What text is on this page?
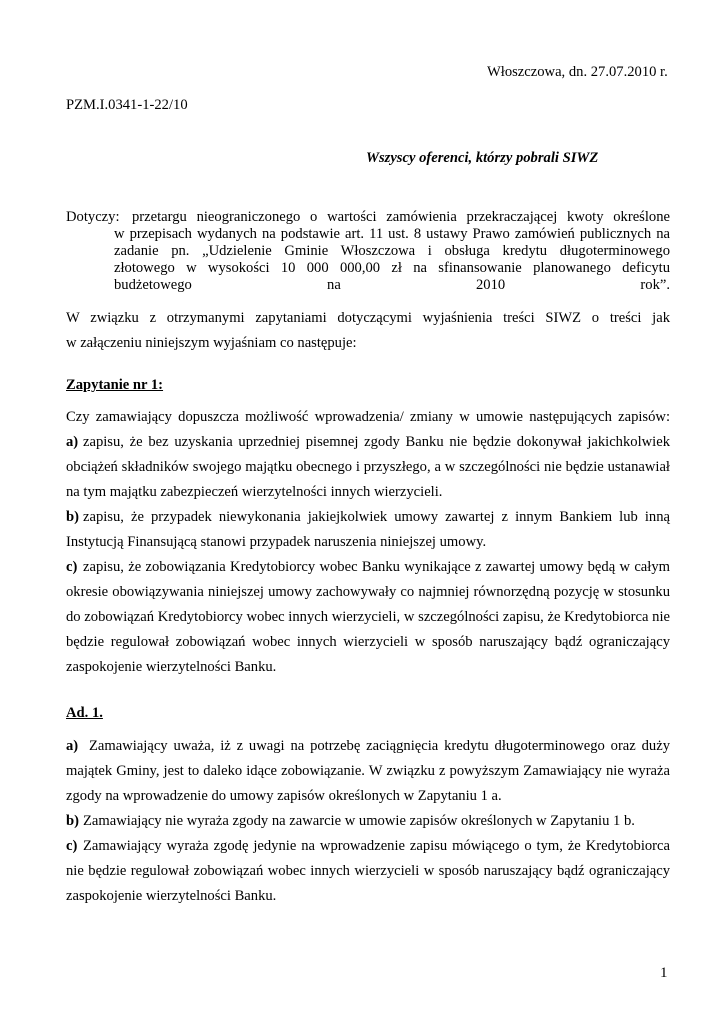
Włoszczowa, dn. 27.07.2010 r.
PZM.I.0341-1-22/10
Wszyscy oferenci, którzy pobrali SIWZ
Dotyczy: przetargu nieograniczonego o wartości zamówienia przekraczającej kwoty określone
w przepisach wydanych na podstawie art. 11 ust. 8 ustawy Prawo zamówień publicznych na
zadanie pn. „Udzielenie Gminie Włoszczowa i obsługa kredytu długoterminowego
złotowego w wysokości 10 000 000,00 zł na sfinansowanie planowanego deficytu
budżetowego na 2010 rok”.
W związku z otrzymanymi zapytaniami dotyczącymi wyjaśnienia treści SIWZ o treści jak
w załączeniu niniejszym wyjaśniam co następuje:
Zapytanie nr 1:
Czy zamawiający dopuszcza możliwość wprowadzenia/ zmiany w umowie następujących zapisów:
a) zapisu, że bez uzyskania uprzedniej pisemnej zgody Banku nie będzie dokonywał jakichkolwiek
obciążeń składników swojego majątku obecnego i przyszłego, a w szczególności nie będzie ustanawiał
na tym majątku zabezpieczeń wierzytelności innych wierzycieli.
b) zapisu, że przypadek niewykonania jakiejkolwiek umowy zawartej z innym Bankiem lub inną
Instytucją Finansującą stanowi przypadek naruszenia niniejszej umowy.
c) zapisu, że zobowiązania Kredytobiorcy wobec Banku wynikające z zawartej umowy będą w całym
okresie obowiązywania niniejszej umowy zachowywały co najmniej równorzędną pozycję w stosunku
do zobowiązań Kredytobiorcy wobec innych wierzycieli, w szczególności zapisu, że Kredytobiorca nie
będzie regulował zobowiązań wobec innych wierzycieli w sposób naruszający bądź ograniczający
zaspokojenie wierzytelności Banku.
Ad. 1.
a) Zamawiający uważa, iż z uwagi na potrzebę zaciągnięcia kredytu długoterminowego oraz duży
majątek Gminy, jest to daleko idące zobowiązanie. W związku z powyższym Zamawiający nie wyraża
zgody na wprowadzenie do umowy zapisów określonych w Zapytaniu 1 a.
b) Zamawiający nie wyraża zgody na zawarcie w umowie zapisów określonych w Zapytaniu 1 b.
c) Zamawiający wyraża zgodę jedynie na wprowadzenie zapisu mówiącego o tym, że Kredytobiorca
nie będzie regulował zobowiązań wobec innych wierzycieli w sposób naruszający bądź ograniczający
zaspokojenie wierzytelności Banku.
1
